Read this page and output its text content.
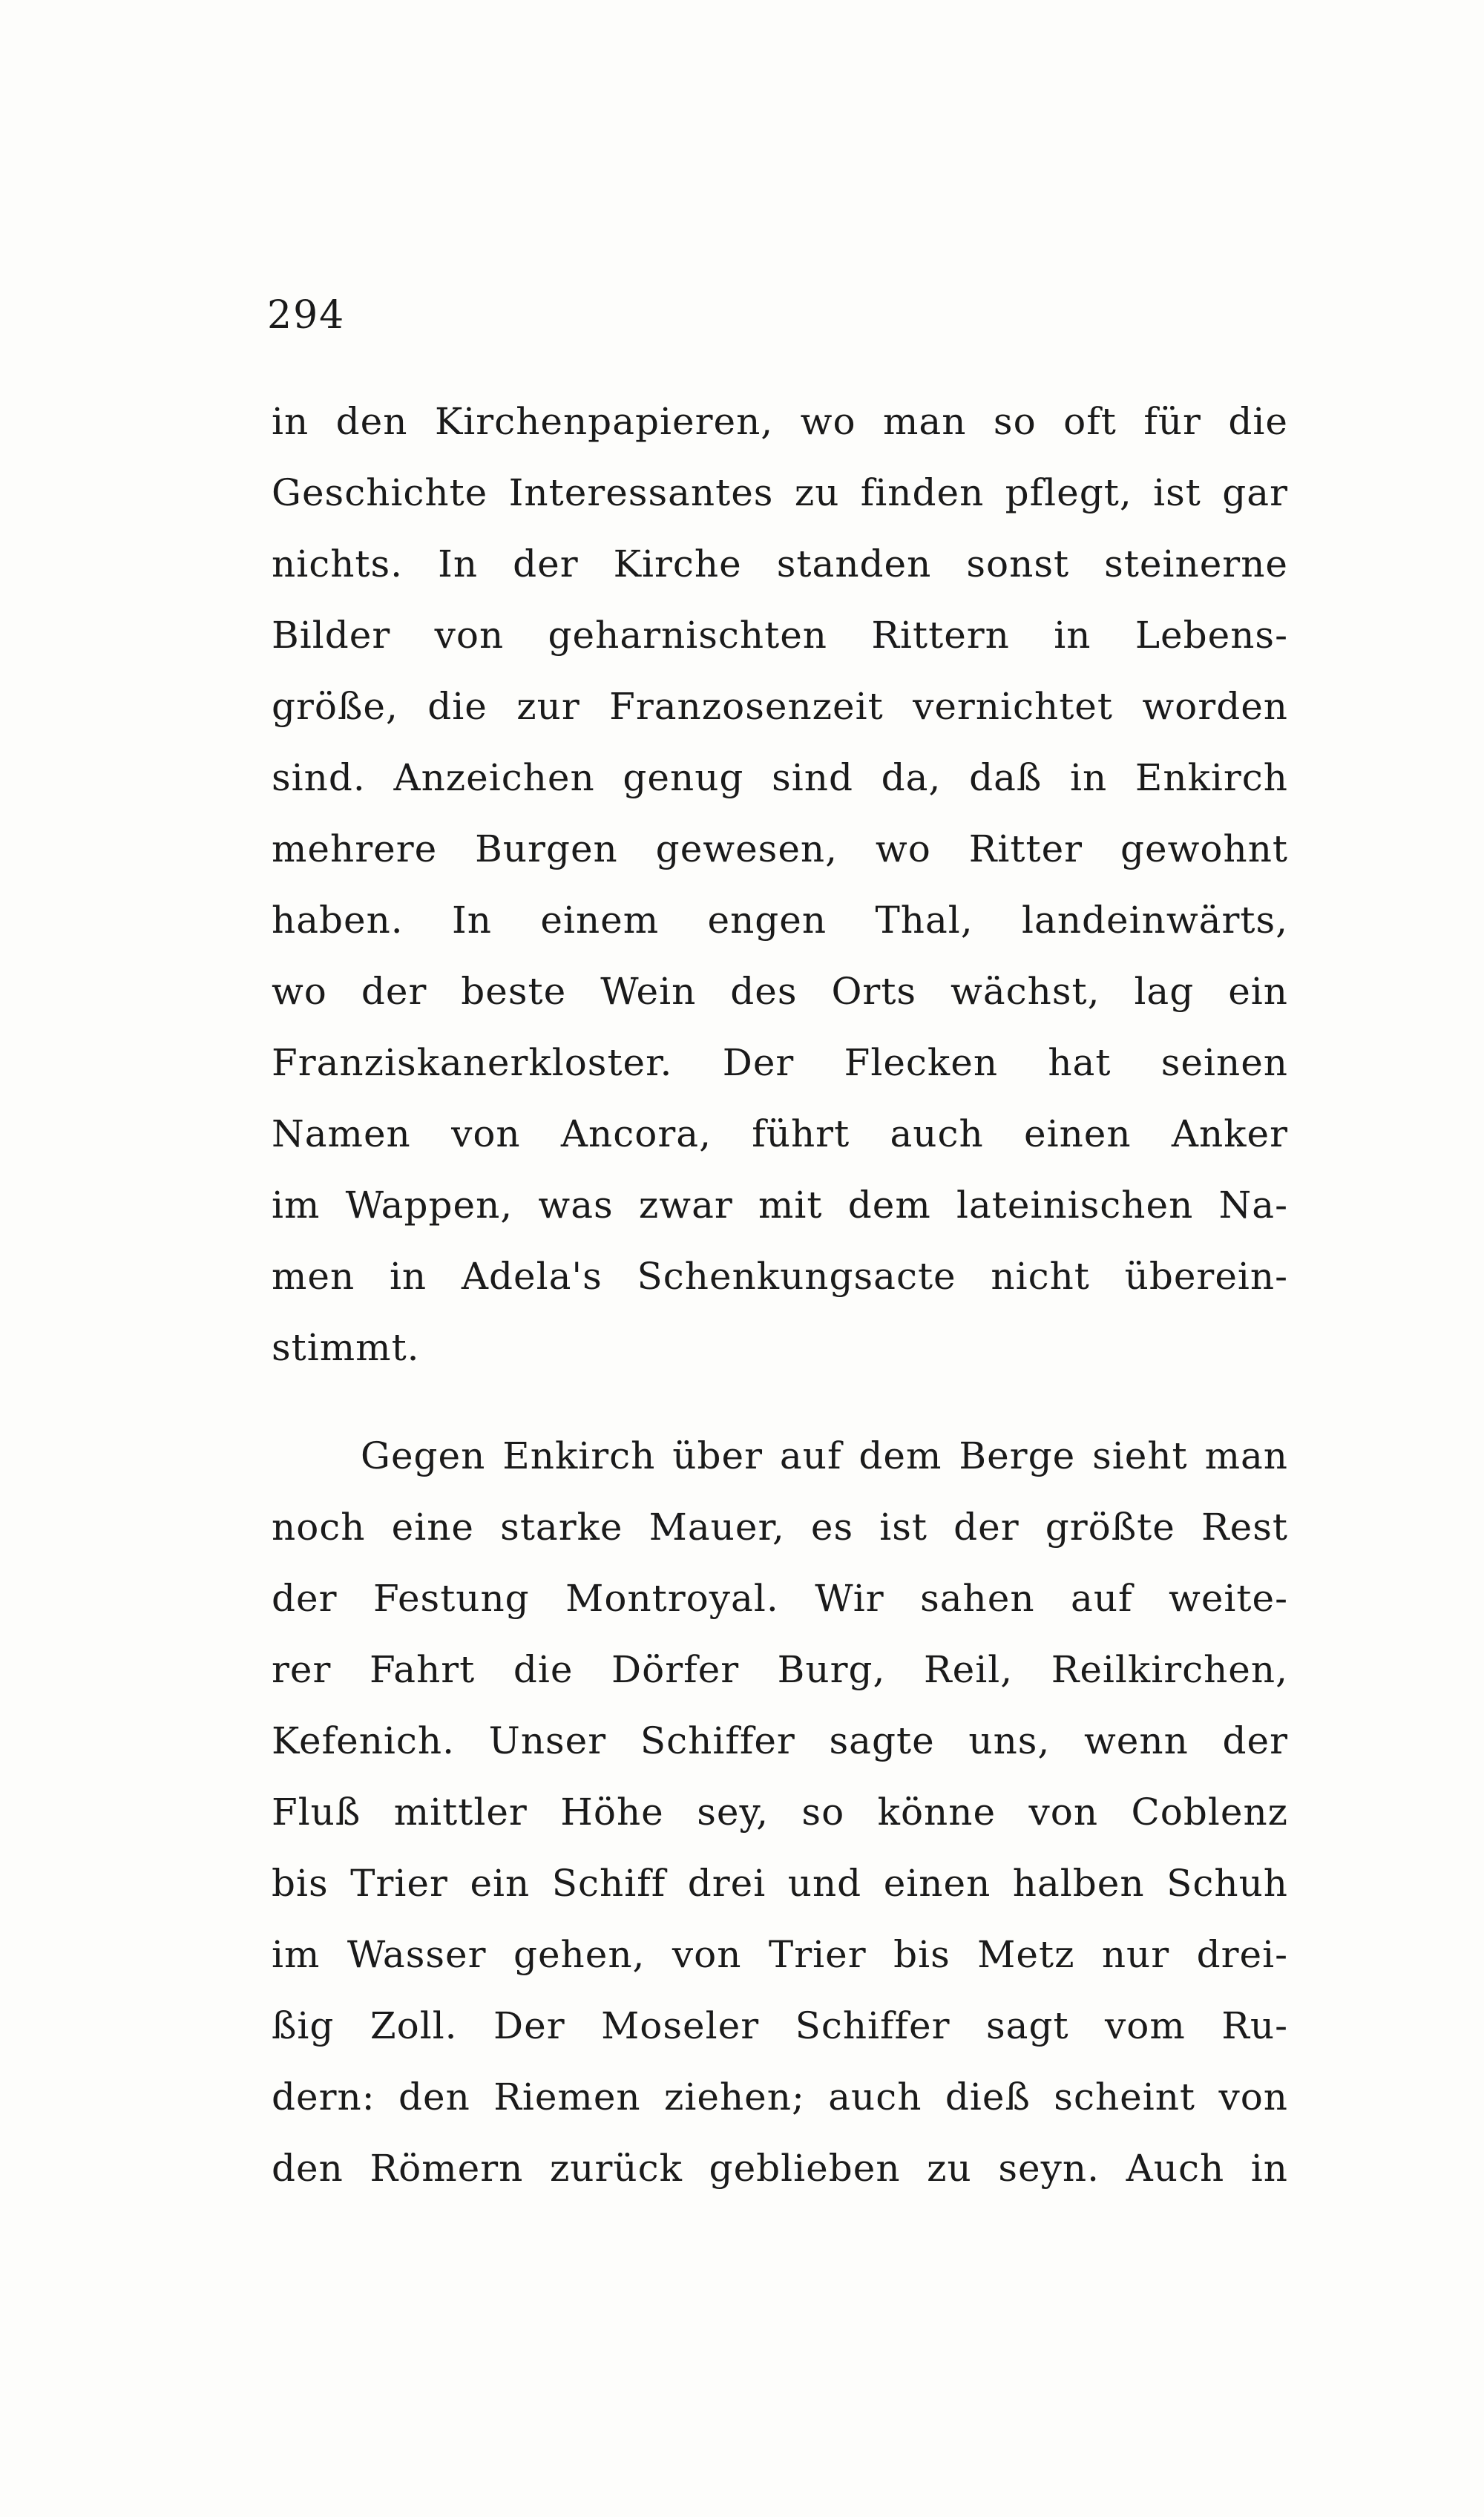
294
in den Kirchenpapieren, wo man so oft für die
Geschichte Interessantes zu finden pflegt, ist gar
nichts. In der Kirche standen sonst steinerne
Bilder von geharnischten Rittern in Lebens-
größe, die zur Franzosenzeit vernichtet worden
sind. Anzeichen genug sind da, daß in Enkirch
mehrere Burgen gewesen, wo Ritter gewohnt
haben. In einem engen Thal, landeinwärts,
wo der beste Wein des Orts wächst, lag ein
Franziskanerkloster. Der Flecken hat seinen
Namen von Ancora, führt auch einen Anker
im Wappen, was zwar mit dem lateinischen Na-
men in Adela's Schenkungsacte nicht überein-
stimmt.
Gegen Enkirch über auf dem Berge sieht man
noch eine starke Mauer, es ist der größte Rest
der Festung Montroyal. Wir sahen auf weite-
rer Fahrt die Dörfer Burg, Reil, Reilkirchen,
Kefenich. Unser Schiffer sagte uns, wenn der
Fluß mittler Höhe sey, so könne von Coblenz
bis Trier ein Schiff drei und einen halben Schuh
im Wasser gehen, von Trier bis Metz nur drei-
ßig Zoll. Der Moseler Schiffer sagt vom Ru-
dern: den Riemen ziehen; auch dieß scheint von
den Römern zurück geblieben zu seyn. Auch in
